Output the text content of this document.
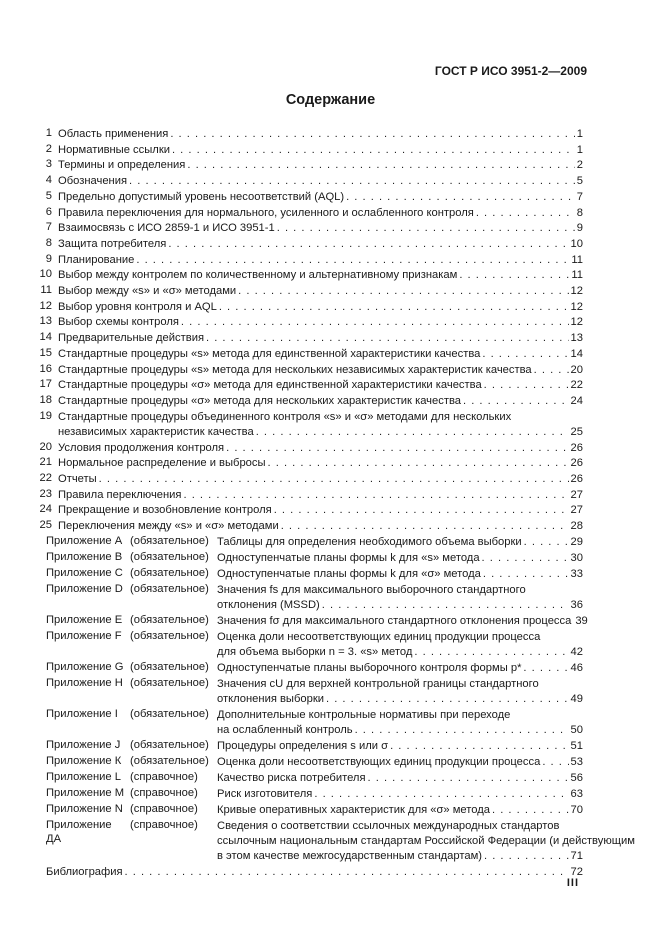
ГОСТ Р ИСО 3951-2—2009
Содержание
1 Область применения . . .	1
2 Нормативные ссылки . . .	1
3 Термины и определения . . .	2
4 Обозначения . . .	5
5 Предельно допустимый уровень несоответствий (AQL) . . .	7
6 Правила переключения для нормального, усиленного и ослабленного контроля . . .	8
7 Взаимосвязь с ИСО 2859-1 и ИСО 3951-1 . . .	9
8 Защита потребителя . . .	10
9 Планирование . . .	11
10 Выбор между контролем по количественному и альтернативному признакам . . .	11
11 Выбор между «s» и «σ» методами . . .	12
12 Выбор уровня контроля и AQL . . .	12
13 Выбор схемы контроля . . .	12
14 Предварительные действия . . .	13
15 Стандартные процедуры «s» метода для единственной характеристики качества . . .	14
16 Стандартные процедуры «s» метода для нескольких независимых характеристик качества . . .	20
17 Стандартные процедуры «σ» метода для единственной характеристики качества . . .	22
18 Стандартные процедуры «σ» метода для нескольких характеристик качества . . .	24
19 Стандартные процедуры объединенного контроля «s» и «σ» методами для нескольких
независимых характеристик качества . . .	25
20 Условия продолжения контроля . . .	26
21 Нормальное распределение и выбросы . . .	26
22 Отчеты . . .	26
23 Правила переключения . . .	27
24 Прекращение и возобновление контроля . . .	27
25 Переключения между «s» и «σ» методами . . .	28
Приложение А (обязательное) Таблицы для определения необходимого объема выборки . . .	29
Приложение В (обязательное) Одноступенчатые планы формы k для «s» метода . . .	30
Приложение С (обязательное) Одноступенчатые планы формы k для «σ» метода . . .	33
Приложение D (обязательное) Значения fs для максимального выборочного стандартного
отклонения (MSSD) . . .	36
Приложение Е (обязательное) Значения fσ для максимального стандартного отклонения процесса 39
Приложение F (обязательное) Оценка доли несоответствующих единиц продукции процесса
для объема выборки n = 3. «s» метод . . .	42
Приложение G (обязательное) Одноступенчатые планы выборочного контроля формы p* . . .	46
Приложение Н (обязательное) Значения cU для верхней контрольной границы стандартного
отклонения выборки . . .	49
Приложение I	(обязательное) Дополнительные контрольные нормативы при переходе
на ослабленный контроль . . .	50
Приложение J (обязательное) Процедуры определения s или σ . . .	51
Приложение К (обязательное) Оценка доли несоответствующих единиц продукции процесса . . .	53
Приложение L (справочное)	Качество риска потребителя . . .	56
Приложение М (справочное)	Риск изготовителя . . .	63
Приложение N (справочное)	Кривые оперативных характеристик для «σ» метода . . .	70
Приложение ДА
(справочное)	Сведения о соответствии ссылочных международных стандартов
ссылочным национальным стандартам Российской Федерации (и действующим
в этом качестве межгосударственным стандартам) . . .	71
Библиография . . .	72
III
